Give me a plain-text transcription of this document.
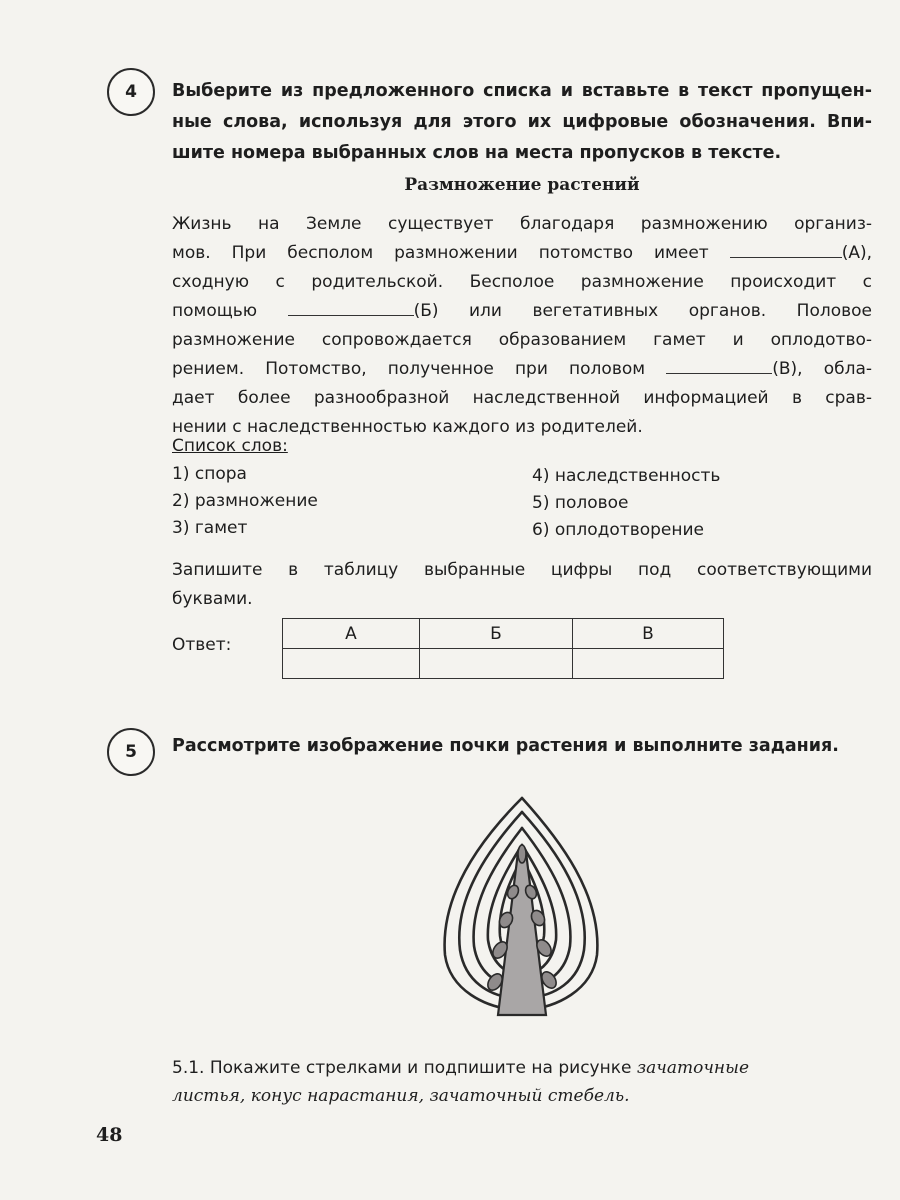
4 Выберите из предложенного списка и вставьте в текст пропущен-
ные слова, используя для этого их цифровые обозначения. Впи-
шите номера выбранных слов на места пропусков в тексте.
Размножение растений
Жизнь на Земле существует благодаря размножению организ-
мов. При бесполом размножении потомство имеет	(А),
сходную с родительской. Бесполое размножение происходит с
помощью	(Б) или вегетативных органов. Половое
размножение сопровождается образованием гамет и оплодотво-
рением. Потомство, полученное при половом	(В), обла-
дает более разнообразной наследственной информацией в срав-
нении с наследственностью каждого из родителей.
Список слов:
1) спора
2) размножение
3) гамет
4) наследственность
5) половое
6) оплодотворение
Запишите в таблицу выбранные цифры под соответствующими
буквами.
Ответ:
А	Б	В

5 Рассмотрите изображение почки растения и выполните задания.
5.1. Покажите стрелками и подпишите на рисунке зачаточные
листья, конус нарастания, зачаточный стебель.
48
